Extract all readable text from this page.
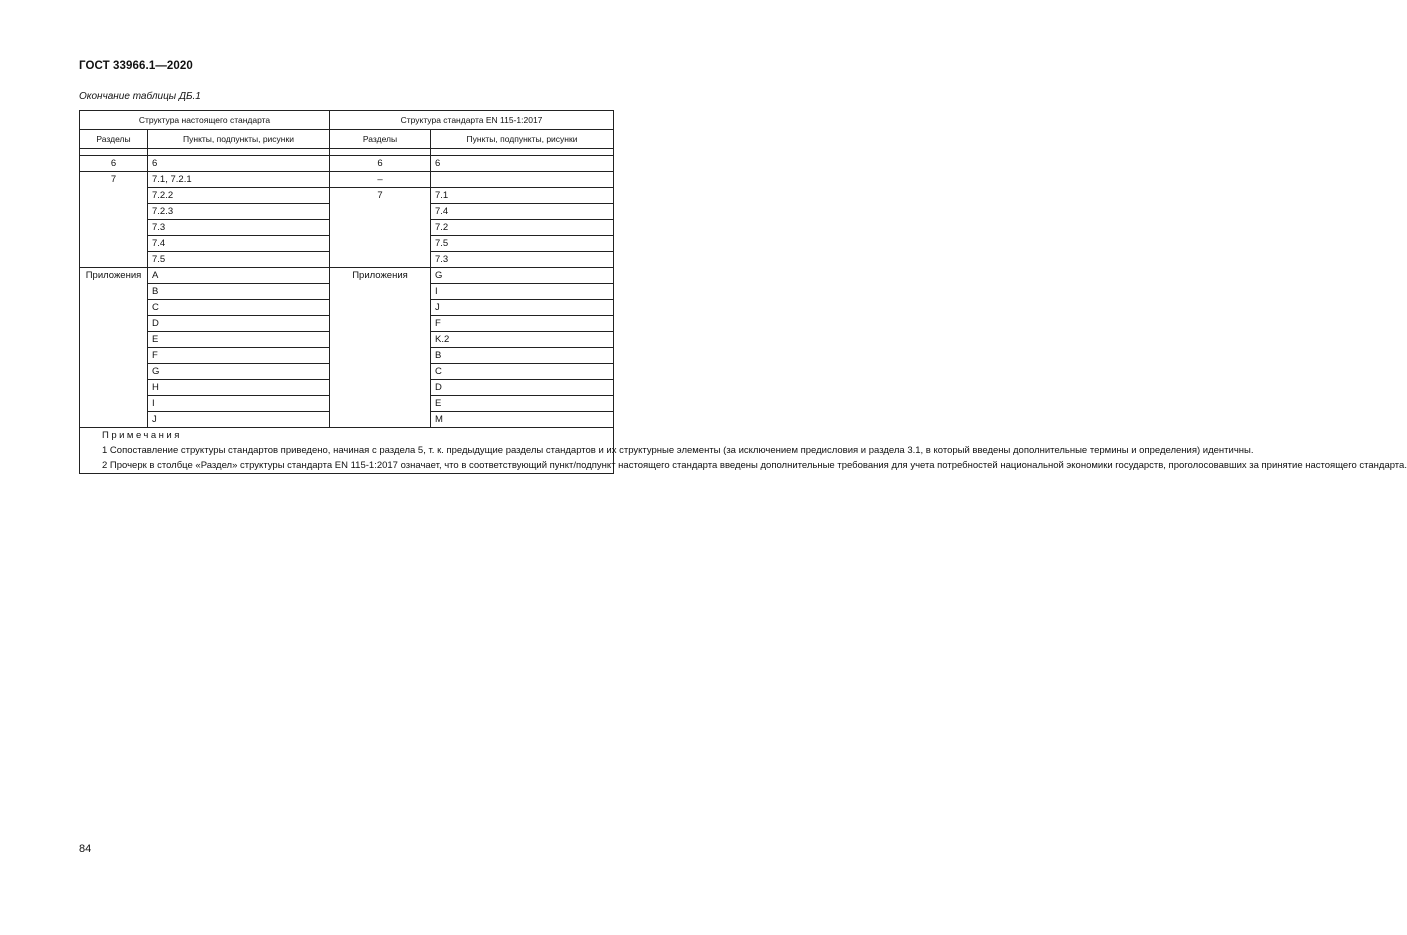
ГОСТ 33966.1—2020
Окончание таблицы ДБ.1
Структура настоящего стандарта		Структура стандарта EN 115-1:2017	
Разделы	Пункты, подпункты, рисунки	Разделы	Пункты, подпункты, рисунки

6	6	6	6
7	7.1, 7.2.1	–	
	7.2.2	7	7.1
	7.2.3		7.4
	7.3		7.2
	7.4		7.5
	7.5		7.3
Приложения	A	Приложения	G
	B		I
	C		J
	D		F
	E		K.2
	F		B
	G		C
	H		D
	I		E
	J		M

Примечания

1 Сопоставление структуры стандартов приведено, начиная с раздела 5, т. к. предыдущие разделы стандартов и их структурные элементы (за исключением предисловия и раздела 3.1, в который введены дополнительные термины и определения) идентичны.

2 Прочерк в столбце «Раздел» структуры стандарта EN 115-1:2017 означает, что в соответствующий пункт/подпункт настоящего стандарта введены дополнительные требования для учета потребностей национальной экономики государств, проголосовавших за принятие настоящего стандарта.			

84
